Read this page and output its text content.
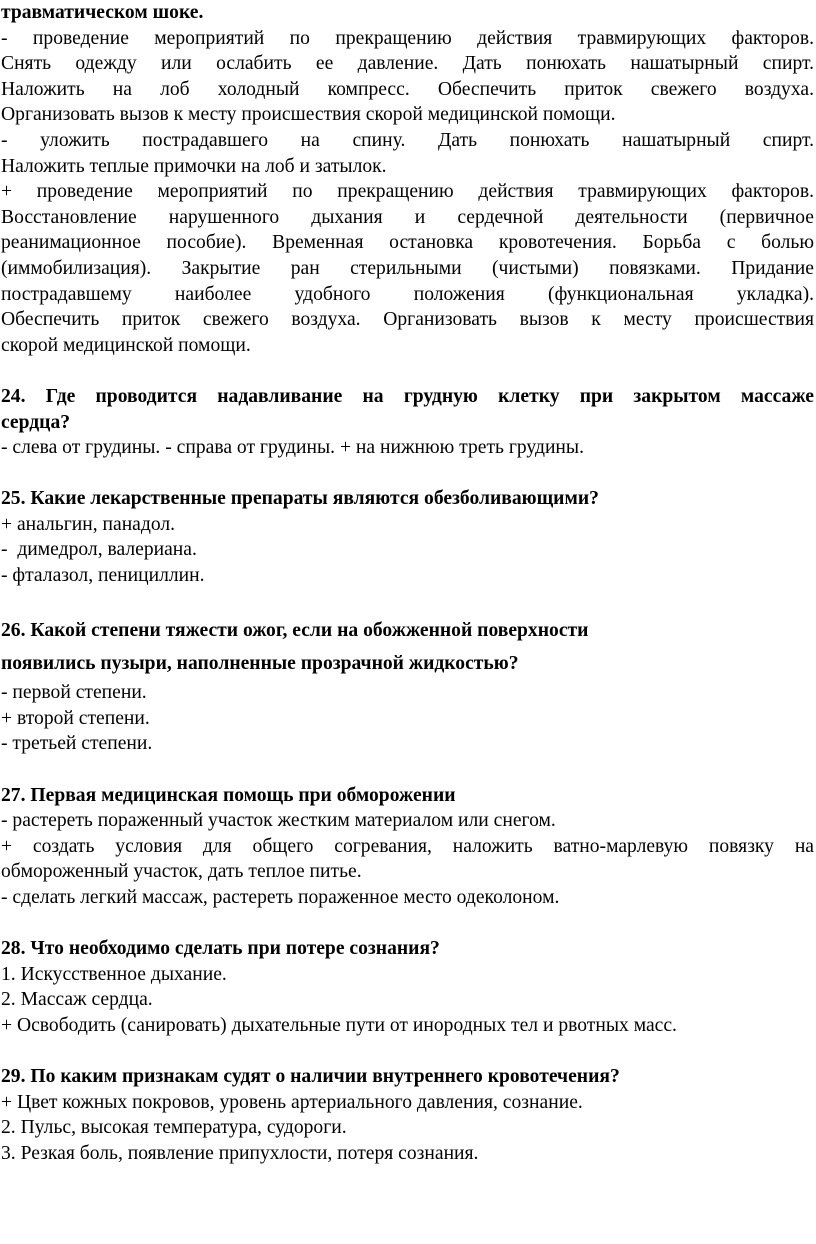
травматическом шоке.
- проведение мероприятий по прекращению действия травмирующих факторов.
Снять одежду или ослабить ее давление. Дать понюхать нашатырный спирт.
Наложить на лоб холодный компресс. Обеспечить приток свежего воздуха.
Организовать вызов к месту происшествия скорой медицинской помощи.
- уложить пострадавшего на спину. Дать понюхать нашатырный спирт.
Наложить теплые примочки на лоб и затылок.
+ проведение мероприятий по прекращению действия травмирующих факторов.
Восстановление нарушенного дыхания и сердечной деятельности (первичное
реанимационное пособие). Временная остановка кровотечения. Борьба с болью
(иммобилизация). Закрытие ран стерильными (чистыми) повязками. Придание
пострадавшему наиболее удобного положения (функциональная укладка).
Обеспечить приток свежего воздуха. Организовать вызов к месту происшествия
скорой медицинской помощи.
24. Где проводится надавливание на грудную клетку при закрытом массаже
сердца?
- слева от грудины. - справа от грудины. + на нижнюю треть грудины.
25. Какие лекарственные препараты являются обезболивающими?
+ анальгин, панадол.
-  димедрол, валериана.
- фталазол, пенициллин.
26. Какой степени тяжести ожог, если на обожженной поверхности
появились пузыри, наполненные прозрачной жидкостью?
- первой степени.
+ второй степени.
- третьей степени.
27. Первая медицинская помощь при обморожении
- растереть пораженный участок жестким материалом или снегом.
+ создать условия для общего согревания, наложить ватно-марлевую повязку на
обмороженный участок, дать теплое питье.
- сделать легкий массаж, растереть пораженное место одеколоном.
28. Что необходимо сделать при потере сознания?
1. Искусственное дыхание.
2. Массаж сердца.
+ Освободить (санировать) дыхательные пути от инородных тел и рвотных масс.
29. По каким признакам судят о наличии внутреннего кровотечения?
+ Цвет кожных покровов, уровень артериального давления, сознание.
2. Пульс, высокая температура, судороги.
3. Резкая боль, появление припухлости, потеря сознания.
